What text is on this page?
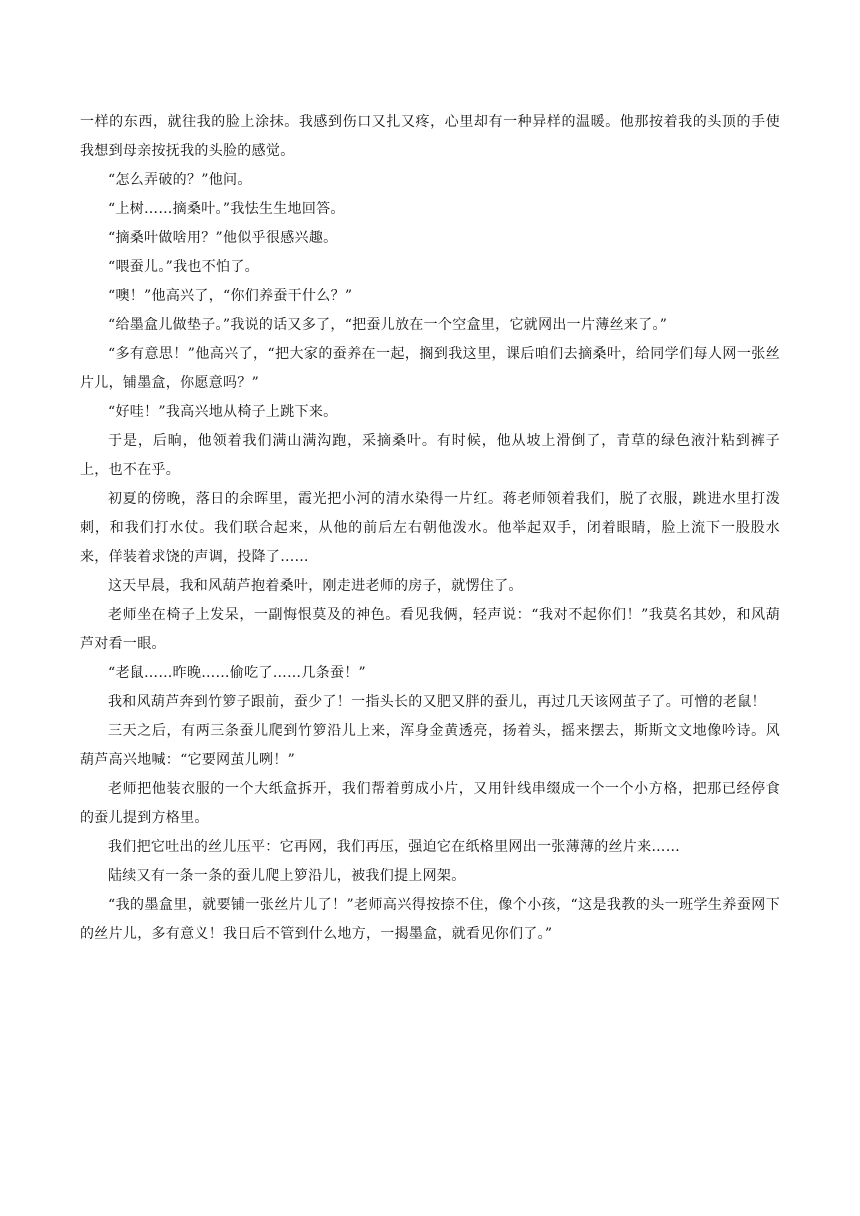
一样的东西，就往我的脸上涂抹。我感到伤口又扎又疼，心里却有一种异样的温暖。他那按着我的头顶的手使我想到母亲按抚我的头脸的感觉。

“怎么弄破的？”他问。

“上树……摘桑叶。”我怯生生地回答。

“摘桑叶做啥用？”他似乎很感兴趣。

“喂蚕儿。”我也不怕了。

“噢！”他高兴了，“你们养蚕干什么？”

“给墨盒儿做垫子。”我说的话又多了，“把蚕儿放在一个空盒里，它就网出一片薄丝来了。”

“多有意思！”他高兴了，“把大家的蚕养在一起，搁到我这里，课后咱们去摘桑叶，给同学们每人网一张丝片儿，铺墨盒，你愿意吗？”

“好哇！”我高兴地从椅子上跳下来。

于是，后晌，他领着我们满山满沟跑，采摘桑叶。有时候，他从坡上滑倒了，青草的绿色液汁粘到裤子上，也不在乎。

初夏的傍晚，落日的余晖里，霞光把小河的清水染得一片红。蒋老师领着我们，脱了衣服，跳进水里打泼刺，和我们打水仗。我们联合起来，从他的前后左右朝他泼水。他举起双手，闭着眼睛，脸上流下一股股水来，佯装着求饶的声调，投降了……

这天早晨，我和风葫芦抱着桑叶，刚走进老师的房子，就愣住了。

老师坐在椅子上发呆，一副悔恨莫及的神色。看见我俩，轻声说：“我对不起你们！”我莫名其妙，和风葫芦对看一眼。

“老鼠……昨晚……偷吃了……几条蚕！”

我和风葫芦奔到竹箩子跟前，蚕少了！一指头长的又肥又胖的蚕儿，再过几天该网茧子了。可憎的老鼠！

三天之后，有两三条蚕儿爬到竹箩沿儿上来，浑身金黄透亮，扬着头，摇来摆去，斯斯文文地像吟诗。风葫芦高兴地喊：“它要网茧儿咧！”

老师把他装衣服的一个大纸盒拆开，我们帮着剪成小片，又用针线串缀成一个一个小方格，把那已经停食的蚕儿提到方格里。

我们把它吐出的丝儿压平：它再网，我们再压，强迫它在纸格里网出一张薄薄的丝片来……

陆续又有一条一条的蚕儿爬上箩沿儿，被我们提上网架。

“我的墨盒里，就要铺一张丝片儿了！”老师高兴得按捺不住，像个小孩，“这是我教的头一班学生养蚕网下的丝片儿，多有意义！我日后不管到什么地方，一揭墨盒，就看见你们了。”
